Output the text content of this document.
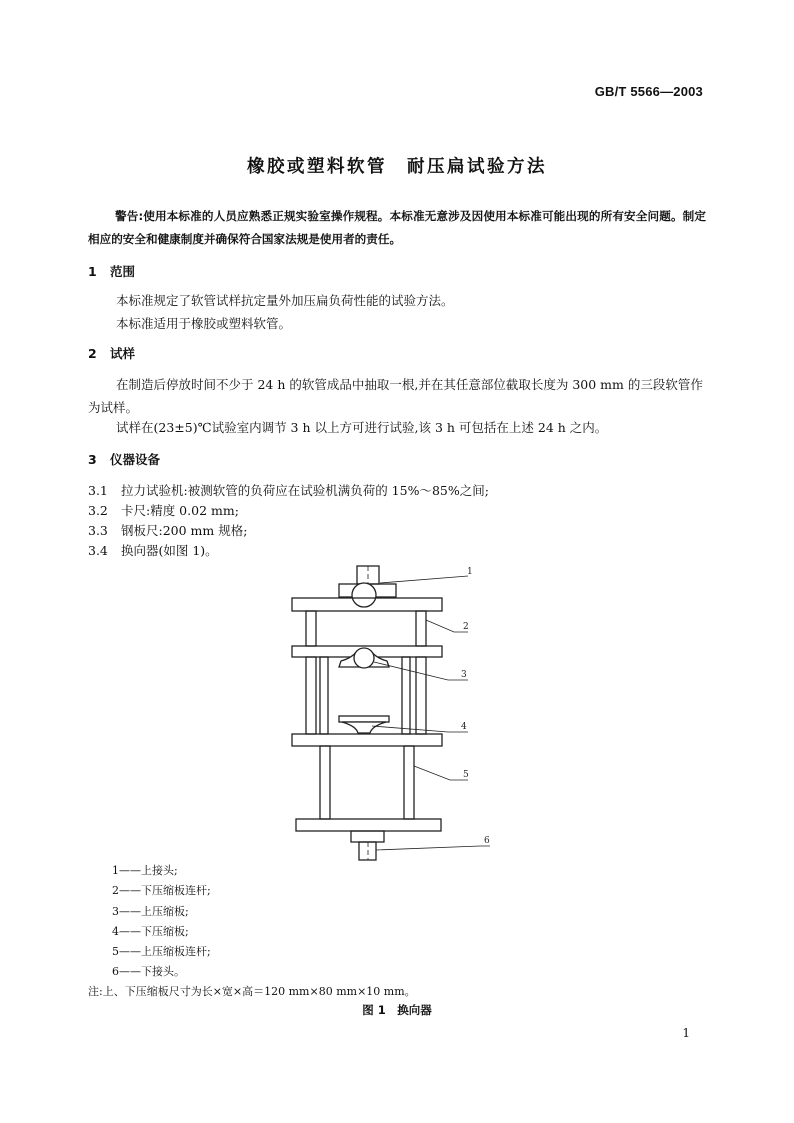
GB/T 5566—2003
橡胶或塑料软管　耐压扁试验方法
警告:使用本标准的人员应熟悉正规实验室操作规程。本标准无意涉及因使用本标准可能出现的所有安全问题。制定相应的安全和健康制度并确保符合国家法规是使用者的责任。
1 范围
本标准规定了软管试样抗定量外加压扁负荷性能的试验方法。
本标准适用于橡胶或塑料软管。
2 试样
在制造后停放时间不少于 24 h 的软管成品中抽取一根,并在其任意部位截取长度为 300 mm 的三段软管作为试样。
试样在(23±5)℃试验室内调节 3 h 以上方可进行试验,该 3 h 可包括在上述 24 h 之内。
3 仪器设备
3.1 拉力试验机:被测软管的负荷应在试验机满负荷的 15%～85%之间;
3.2 卡尺:精度 0.02 mm;
3.3 钢板尺:200 mm 规格;
3.4 换向器(如图 1)。
1
2
3
4
5
6
1——上接头;
2——下压缩板连杆;
3——上压缩板;
4——下压缩板;
5——上压缩板连杆;
6——下接头。
注:上、下压缩板尺寸为长×宽×高＝120 mm×80 mm×10 mm。
图 1　换向器
1
